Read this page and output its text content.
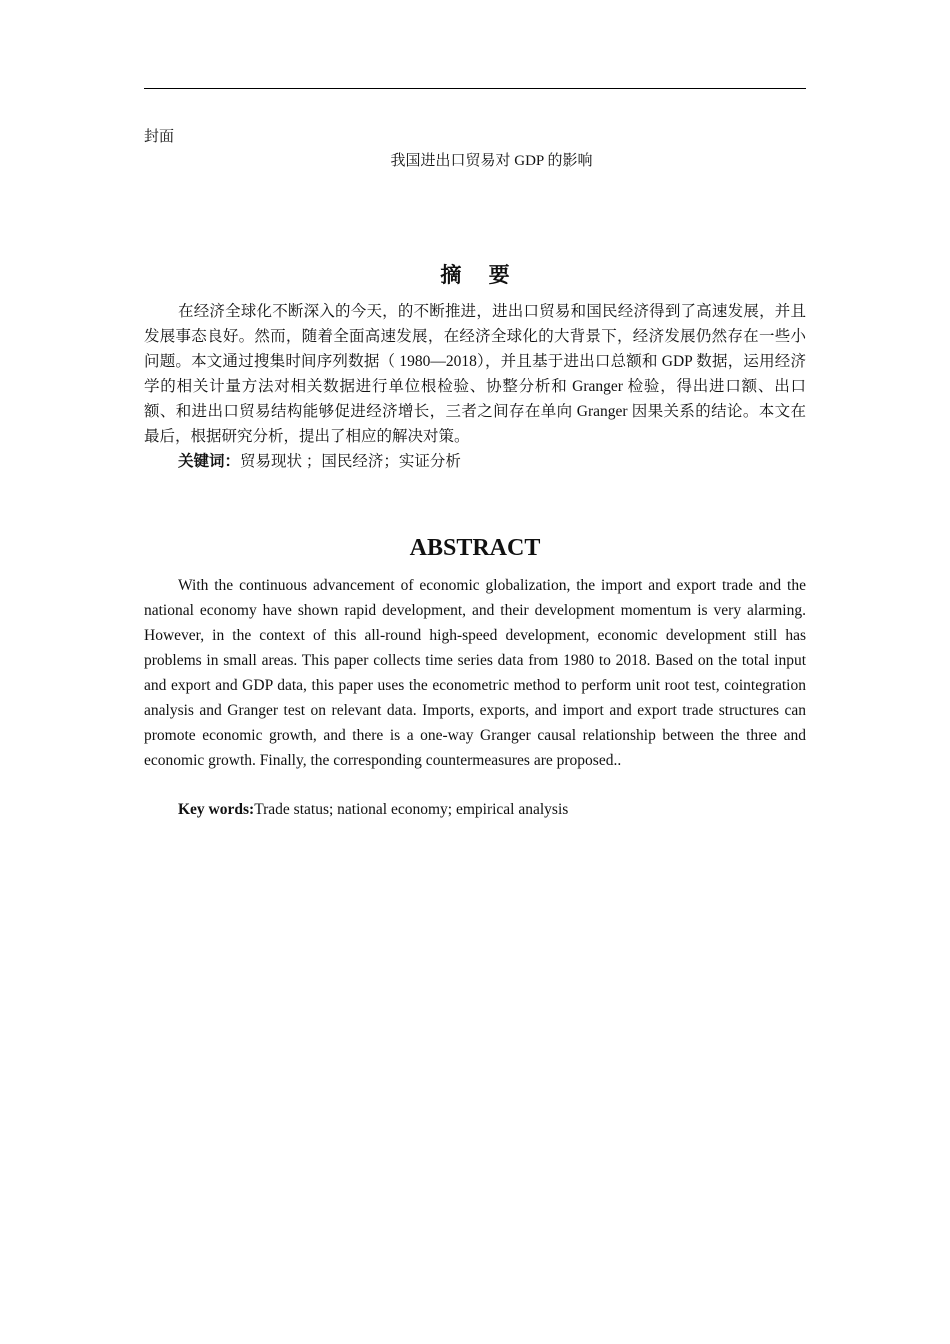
封面
我国进出口贸易对 GDP 的影响
摘 要

在经济全球化不断深入的今天，的不断推进，进出口贸易和国民经济得到了高速发展，并且发展事态良好。然而，随着全面高速发展，在经济全球化的大背景下，经济发展仍然存在一些小问题。本文通过搜集时间序列数据（ 1980—2018），并且基于进出口总额和 GDP 数据，运用经济学的相关计量方法对相关数据进行单位根检验、协整分析和 Granger 检验，得出进口额、出口额、和进出口贸易结构能够促进经济增长，三者之间存在单向 Granger 因果关系的结论。本文在最后，根据研究分析，提出了相应的解决对策。

关键词：贸易现状 ；国民经济；实证分析
ABSTRACT

With the continuous advancement of economic globalization, the import and export trade and the national economy have shown rapid development, and their development momentum is very alarming. However, in the context of this all-round high-speed development, economic development still has problems in small areas. This paper collects time series data from 1980 to 2018. Based on the total input and export and GDP data, this paper uses the econometric method to perform unit root test, cointegration analysis and Granger test on relevant data. Imports, exports, and import and export trade structures can promote economic growth, and there is a one-way Granger causal relationship between the three and economic growth. Finally, the corresponding countermeasures are proposed..

Key words:Trade status; national economy; empirical analysis
